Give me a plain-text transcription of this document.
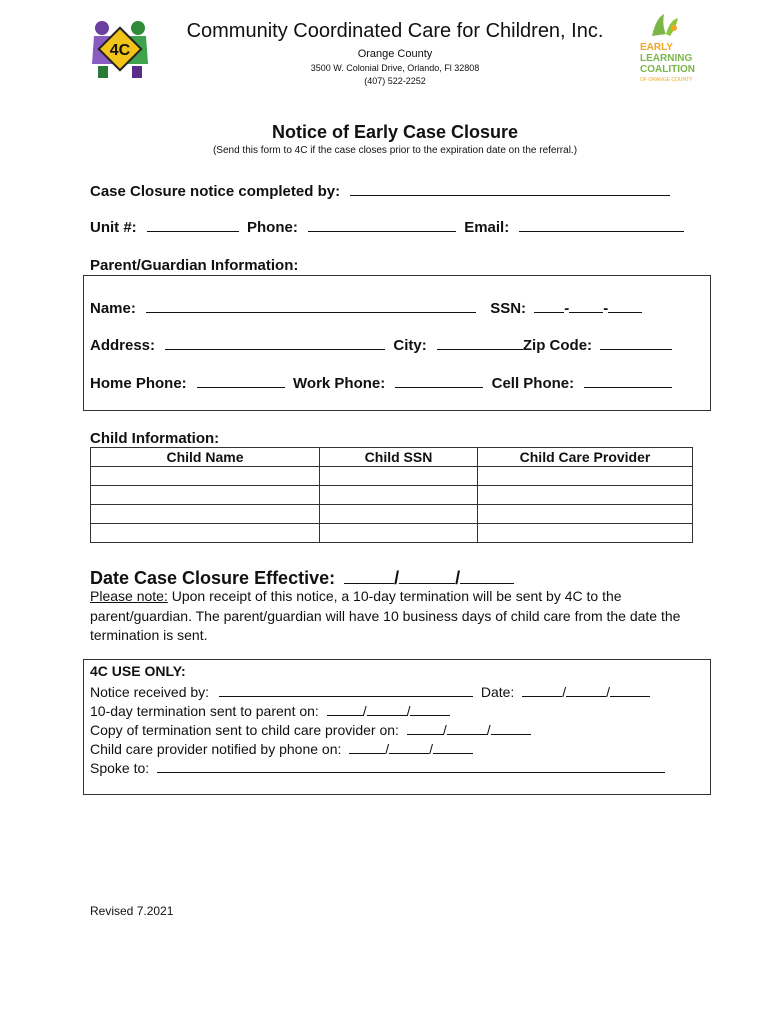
Community Coordinated Care for Children, Inc.
Orange County
3500 W. Colonial Drive, Orlando, Fl 32808
(407) 522-2252
4C	EARLY
LEARNING
COALITION
OF ORANGE COUNTY
Notice of Early Case Closure
(Send this form to 4C if the case closes prior to the expiration date on the referral.)
Case Closure notice completed by:
Unit #:	Phone:	Email:
Parent/Guardian Information:
Name:	SSN:	- -
Address:	City:	Zip Code:
Home Phone:	Work Phone:	Cell Phone:
Child Information:
Child Name	Child SSN	Child Care Provider

Date Case Closure Effective:	/	/
Please note: Upon receipt of this notice, a 10-day termination will be sent by 4C to the parent/guardian. The parent/guardian will have 10 business days of child care from the date the termination is sent.
4C USE ONLY:
Notice received by:	Date:	/	/
10-day termination sent to parent on:	/	/
Copy of termination sent to child care provider on:	/	/
Child care provider notified by phone on:	/	/
Spoke to:
Revised 7.2021
